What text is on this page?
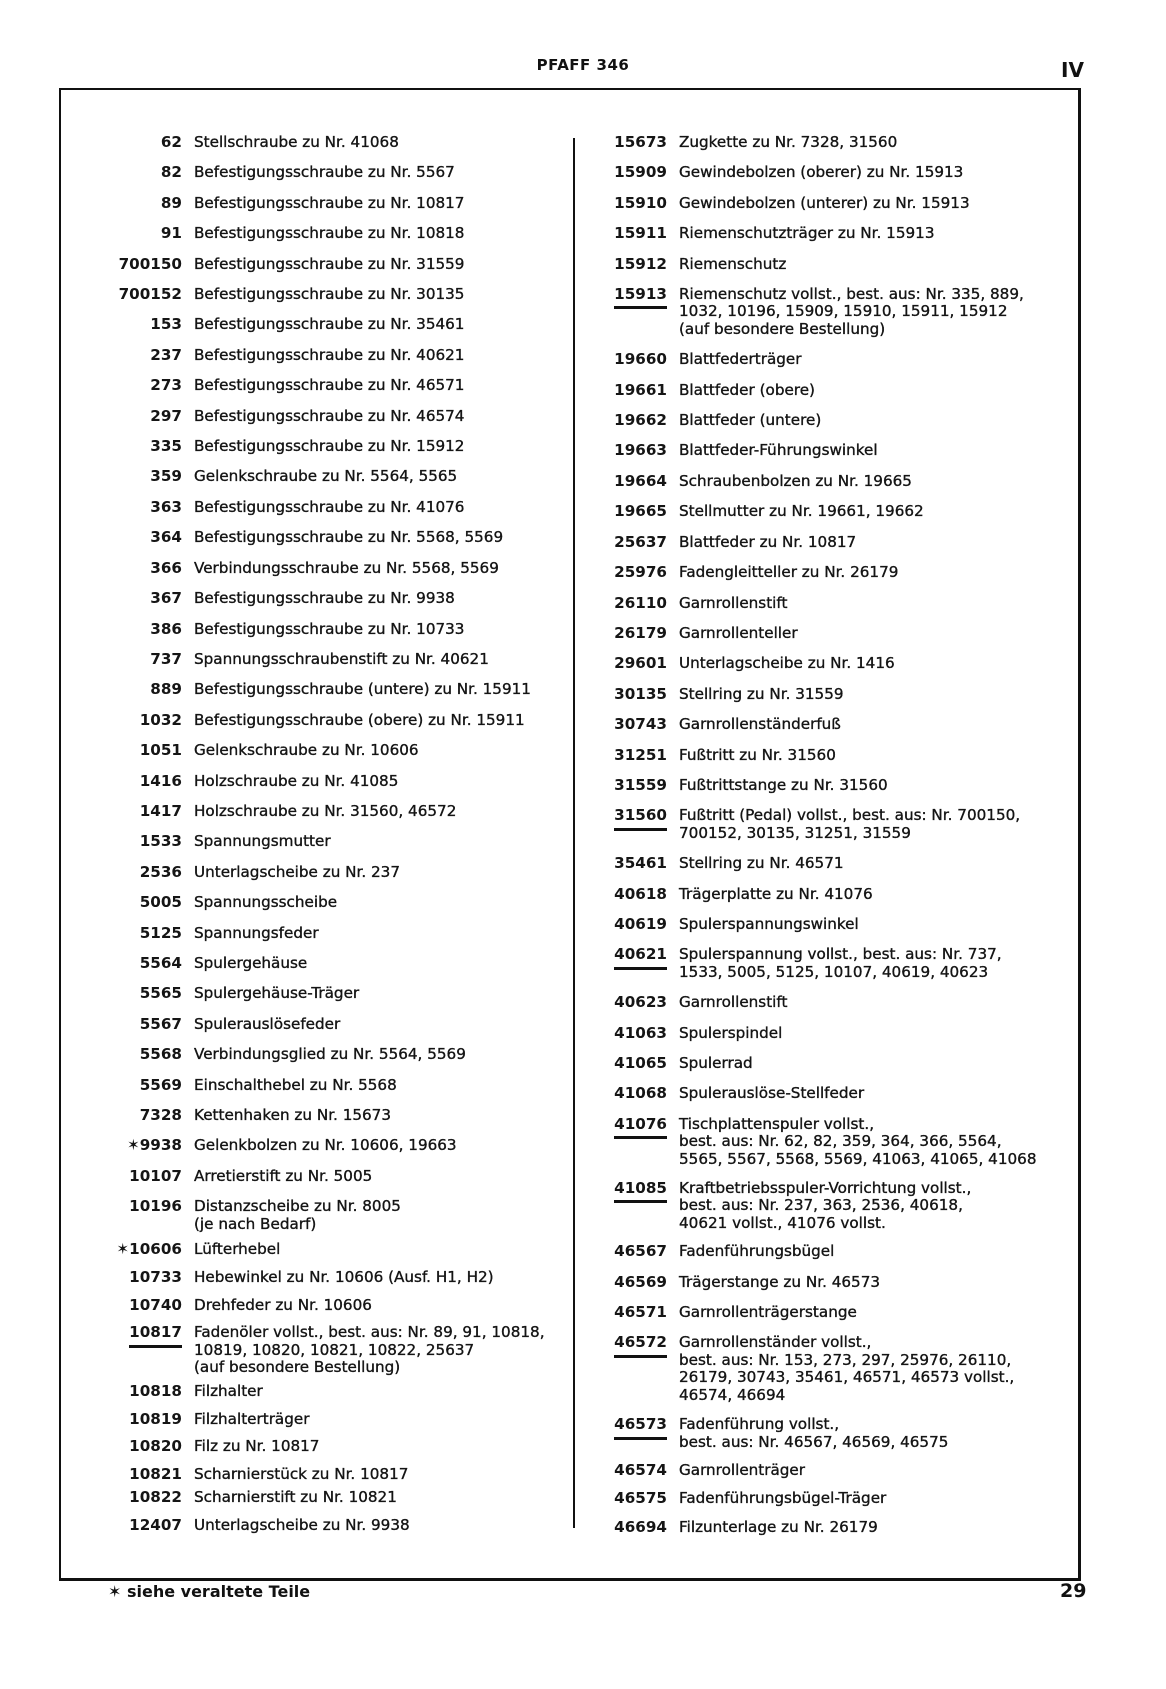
PFAFF 346	IV
62 Stellschraube zu Nr. 41068
82 Befestigungsschraube zu Nr. 5567
89 Befestigungsschraube zu Nr. 10817
91 Befestigungsschraube zu Nr. 10818
700150 Befestigungsschraube zu Nr. 31559
700152 Befestigungsschraube zu Nr. 30135
153 Befestigungsschraube zu Nr. 35461
237 Befestigungsschraube zu Nr. 40621
273 Befestigungsschraube zu Nr. 46571
297 Befestigungsschraube zu Nr. 46574
335 Befestigungsschraube zu Nr. 15912
359 Gelenkschraube zu Nr. 5564, 5565
363 Befestigungsschraube zu Nr. 41076
364 Befestigungsschraube zu Nr. 5568, 5569
366 Verbindungsschraube zu Nr. 5568, 5569
367 Befestigungsschraube zu Nr. 9938
386 Befestigungsschraube zu Nr. 10733
737 Spannungsschraubenstift zu Nr. 40621
889 Befestigungsschraube (untere) zu Nr. 15911
1032 Befestigungsschraube (obere) zu Nr. 15911
1051 Gelenkschraube zu Nr. 10606
1416 Holzschraube zu Nr. 41085
1417 Holzschraube zu Nr. 31560, 46572
1533 Spannungsmutter
2536 Unterlagscheibe zu Nr. 237
5005 Spannungsscheibe
5125 Spannungsfeder
5564 Spulergehäuse
5565 Spulergehäuse-Träger
5567 Spulerauslösefeder
5568 Verbindungsglied zu Nr. 5564, 5569
5569 Einschalthebel zu Nr. 5568
7328 Kettenhaken zu Nr. 15673
✶9938 Gelenkbolzen zu Nr. 10606, 19663
10107 Arretierstift zu Nr. 5005
10196 Distanzscheibe zu Nr. 8005
(je nach Bedarf)
✶10606 Lüfterhebel
10733 Hebewinkel zu Nr. 10606 (Ausf. H1, H2)
10740 Drehfeder zu Nr. 10606
10817 Fadenöler vollst., best. aus: Nr. 89, 91, 10818,
10819, 10820, 10821, 10822, 25637
(auf besondere Bestellung)
10818 Filzhalter
10819 Filzhalterträger
10820 Filz zu Nr. 10817
10821 Scharnierstück zu Nr. 10817
10822 Scharnierstift zu Nr. 10821
12407 Unterlagscheibe zu Nr. 9938
15673 Zugkette zu Nr. 7328, 31560
15909 Gewindebolzen (oberer) zu Nr. 15913
15910 Gewindebolzen (unterer) zu Nr. 15913
15911 Riemenschutzträger zu Nr. 15913
15912 Riemenschutz
15913 Riemenschutz vollst., best. aus: Nr. 335, 889,
1032, 10196, 15909, 15910, 15911, 15912
(auf besondere Bestellung)
19660 Blattfederträger
19661 Blattfeder (obere)
19662 Blattfeder (untere)
19663 Blattfeder-Führungswinkel
19664 Schraubenbolzen zu Nr. 19665
19665 Stellmutter zu Nr. 19661, 19662
25637 Blattfeder zu Nr. 10817
25976 Fadengleitteller zu Nr. 26179
26110 Garnrollenstift
26179 Garnrollenteller
29601 Unterlagscheibe zu Nr. 1416
30135 Stellring zu Nr. 31559
30743 Garnrollenständerfuß
31251 Fußtritt zu Nr. 31560
31559 Fußtrittstange zu Nr. 31560
31560 Fußtritt (Pedal) vollst., best. aus: Nr. 700150,
700152, 30135, 31251, 31559
35461 Stellring zu Nr. 46571
40618 Trägerplatte zu Nr. 41076
40619 Spulerspannungswinkel
40621 Spulerspannung vollst., best. aus: Nr. 737,
1533, 5005, 5125, 10107, 40619, 40623
40623 Garnrollenstift
41063 Spulerspindel
41065 Spulerrad
41068 Spulerauslöse-Stellfeder
41076 Tischplattenspuler vollst.,
best. aus: Nr. 62, 82, 359, 364, 366, 5564,
5565, 5567, 5568, 5569, 41063, 41065, 41068
41085 Kraftbetriebsspuler-Vorrichtung vollst.,
best. aus: Nr. 237, 363, 2536, 40618,
40621 vollst., 41076 vollst.
46567 Fadenführungsbügel
46569 Trägerstange zu Nr. 46573
46571 Garnrollenträgerstange
46572 Garnrollenständer vollst.,
best. aus: Nr. 153, 273, 297, 25976, 26110,
26179, 30743, 35461, 46571, 46573 vollst.,
46574, 46694
46573 Fadenführung vollst.,
best. aus: Nr. 46567, 46569, 46575
46574 Garnrollenträger
46575 Fadenführungsbügel-Träger
46694 Filzunterlage zu Nr. 26179
✶ siehe veraltete Teile	29
